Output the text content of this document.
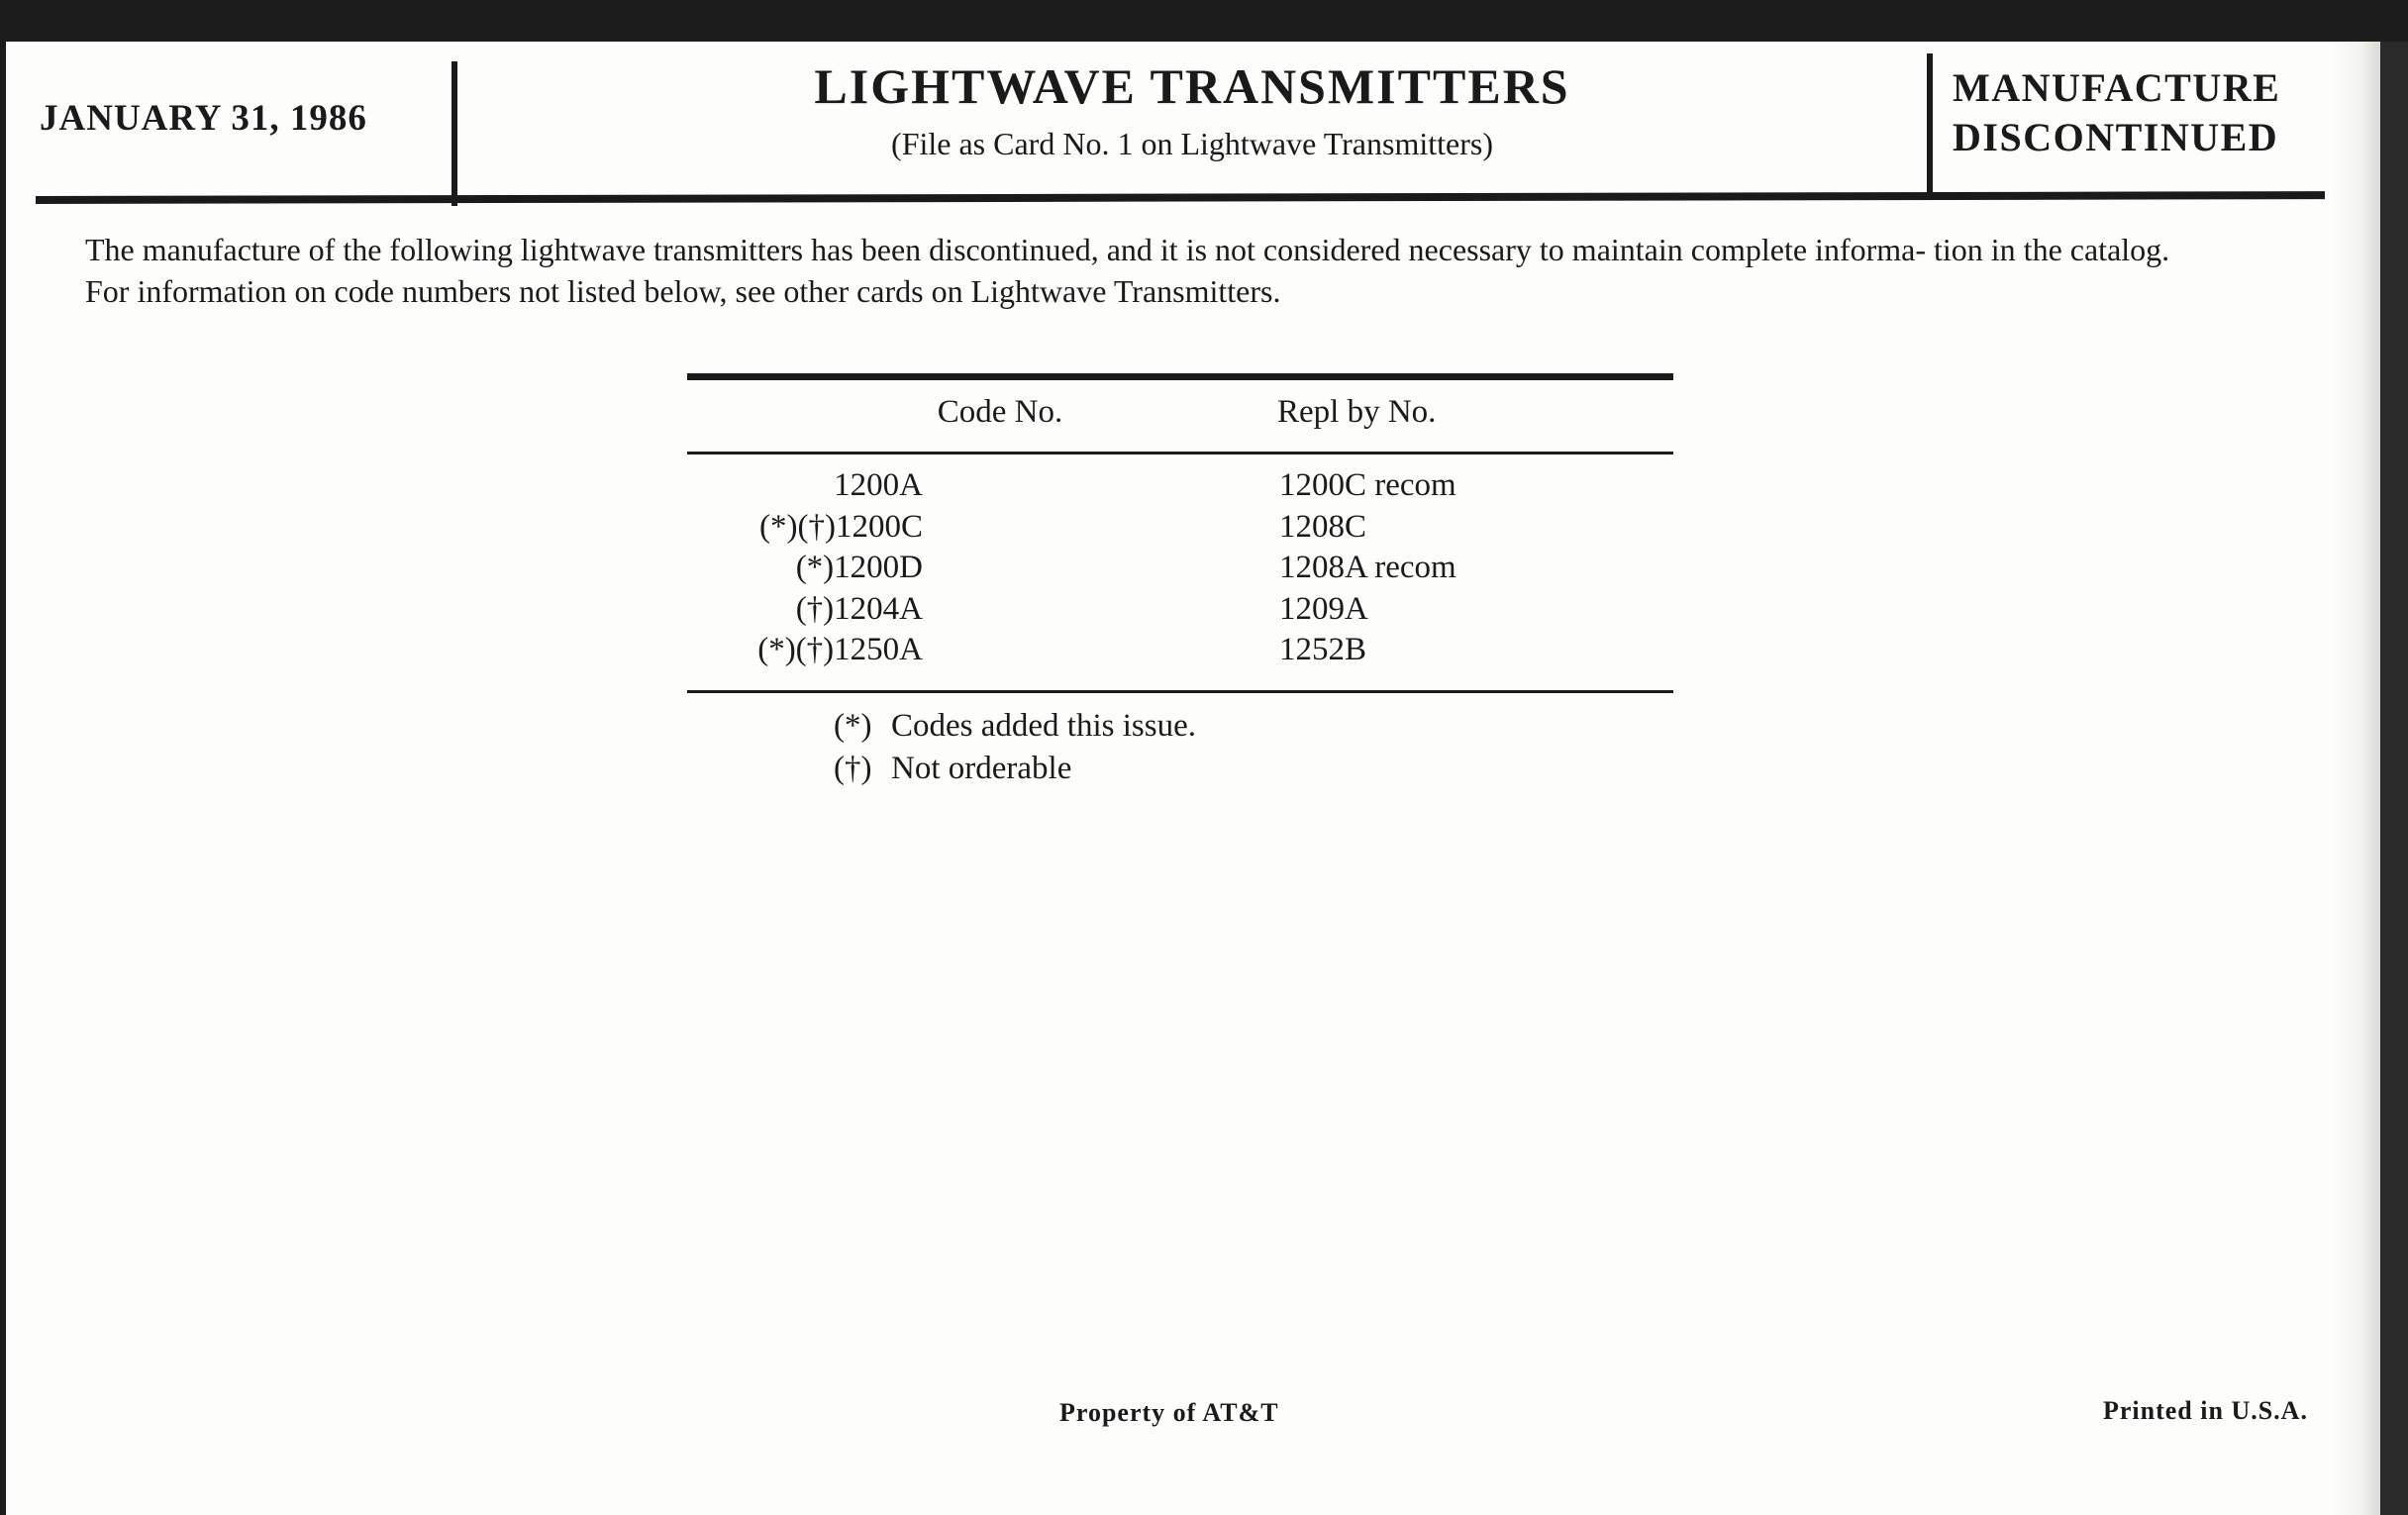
JANUARY 31, 1986
LIGHTWAVE TRANSMITTERS
(File as Card No. 1 on Lightwave Transmitters)
MANUFACTURE
DISCONTINUED

The manufacture of the following lightwave transmitters has been discontinued, and it is not considered necessary to maintain complete informa- tion in the catalog.

For information on code numbers not listed below, see other cards on Lightwave Transmitters.

Code No.	Repl by No.
1200A	1200C recom
(*)(†)1200C	1208C
(*)1200D	1208A recom
(†)1204A	1209A
(*)(†)1250A	1252B
(*) Codes added this issue.
(†) Not orderable
Property of AT&T	Printed in U.S.A.
